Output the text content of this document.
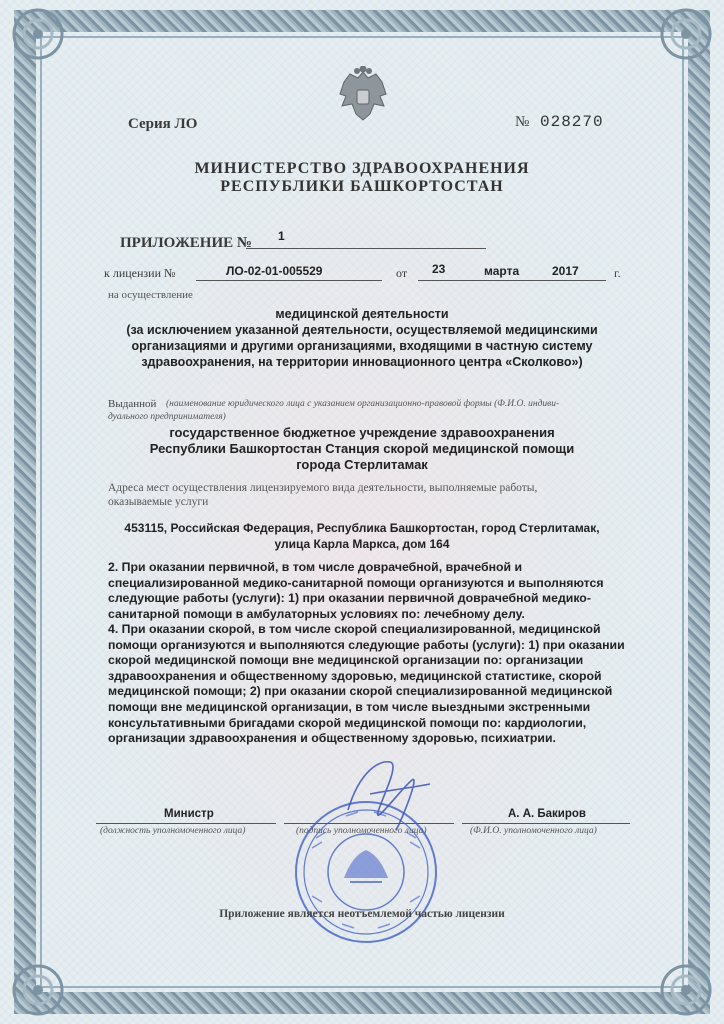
Серия ЛО	№ 028270
МИНИСТЕРСТВО ЗДРАВООХРАНЕНИЯ
РЕСПУБЛИКИ БАШКОРТОСТАН
ПРИЛОЖЕНИЕ № 1
к лицензии №	ЛО-02-01-005529	от 23	марта	2017	г.
на осуществление
медицинской деятельности
(за исключением указанной деятельности, осуществляемой медицинскими
организациями и другими организациями, входящими в частную систему
здравоохранения, на территории инновационного центра «Сколково»)
Выданной (наименование юридического лица с указанием организационно-правовой формы (Ф.И.О. индиви-
дуального предпринимателя)
государственное бюджетное учреждение здравоохранения
Республики Башкортостан Станция скорой медицинской помощи
города Стерлитамак
Адреса мест осуществления лицензируемого вида деятельности, выполняемые работы,
оказываемые услуги
453115, Российская Федерация, Республика Башкортостан, город Стерлитамак,
улица Карла Маркса, дом 164
2. При оказании первичной, в том числе доврачебной, врачебной и
специализированной медико-санитарной помощи организуются и выполняются
следующие работы (услуги): 1) при оказании первичной доврачебной медико-
санитарной помощи в амбулаторных условиях по: лечебному делу.
4. При оказании скорой, в том числе скорой специализированной, медицинской
помощи организуются и выполняются следующие работы (услуги): 1) при оказании
скорой медицинской помощи вне медицинской организации по: организации
здравоохранения и общественному здоровью, медицинской статистике, скорой
медицинской помощи; 2) при оказании скорой специализированной медицинской
помощи вне медицинской организации, в том числе выездными экстренными
консультативными бригадами скорой медицинской помощи по: кардиологии,
организации здравоохранения и общественному здоровью, психиатрии.
Министр
(должность уполномоченного лица)	(подпись уполномоченного лица)
А. А. Бакиров
(Ф.И.О. уполномоченного лица)
Приложение является неотъемлемой частью лицензии
